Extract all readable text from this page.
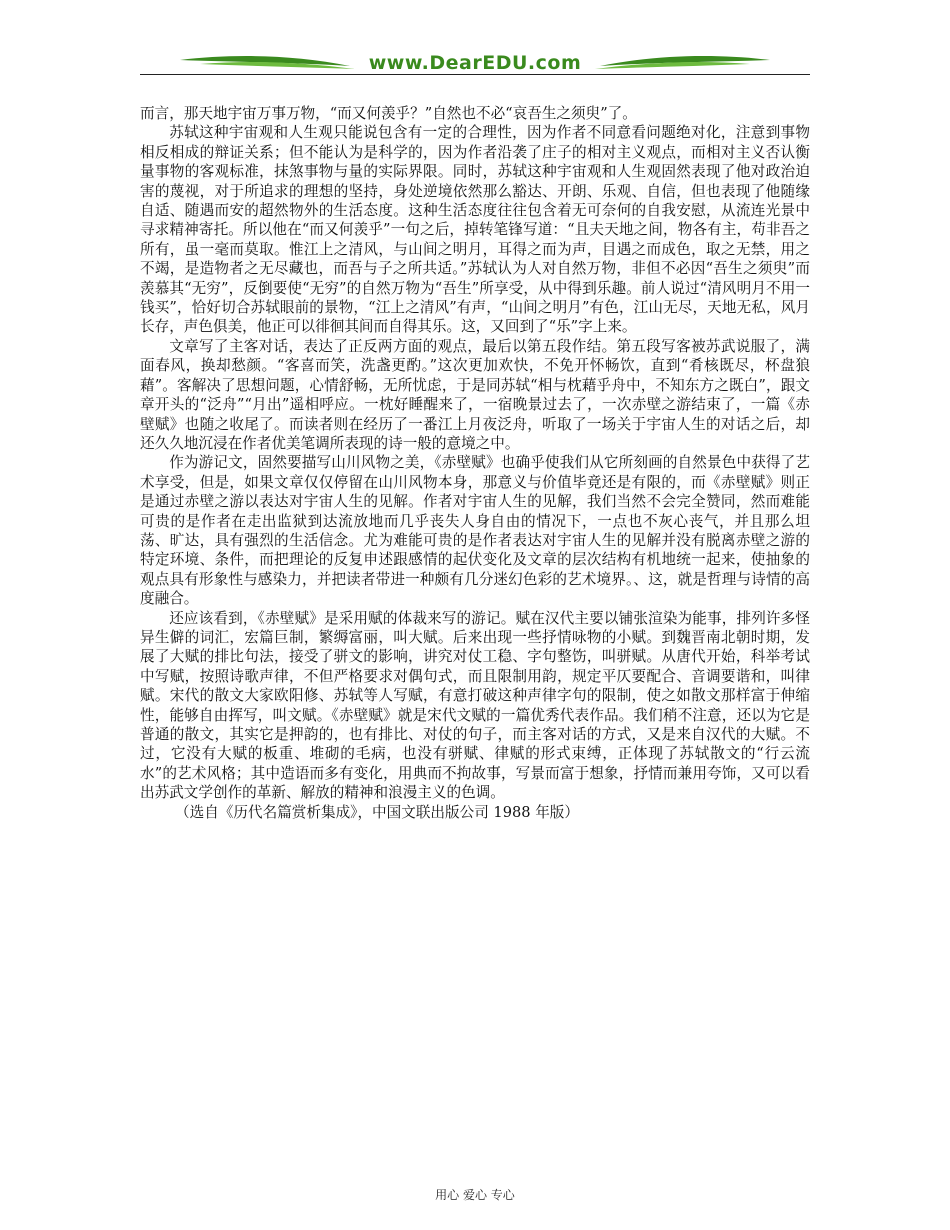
www.DearEDU.com

而言，那天地宇宙万事万物，“而又何羡乎？”自然也不必“哀吾生之须臾”了。

苏轼这种宇宙观和人生观只能说包含有一定的合理性，因为作者不同意看问题绝对化，注意到事物相反相成的辩证关系；但不能认为是科学的，因为作者沿袭了庄子的相对主义观点，而相对主义否认衡量事物的客观标准，抹煞事物与量的实际界限。同时，苏轼这种宇宙观和人生观固然表现了他对政治迫害的蔑视，对于所追求的理想的坚持，身处逆境依然那么豁达、开朗、乐观、自信，但也表现了他随缘自适、随遇而安的超然物外的生活态度。这种生活态度往往包含着无可奈何的自我安慰，从流连光景中寻求精神寄托。所以他在“而又何羡乎”一句之后，掉转笔锋写道：“且夫天地之间，物各有主，苟非吾之所有，虽一毫而莫取。惟江上之清风，与山间之明月，耳得之而为声，目遇之而成色，取之无禁，用之不竭，是造物者之无尽藏也，而吾与子之所共适。”苏轼认为人对自然万物，非但不必因“吾生之须臾”而羡慕其“无穷”，反倒要使“无穷”的自然万物为“吾生”所享受，从中得到乐趣。前人说过“清风明月不用一钱买”，恰好切合苏轼眼前的景物，“江上之清风”有声，“山间之明月”有色，江山无尽，天地无私，风月长存，声色俱美，他正可以徘徊其间而自得其乐。这，又回到了“乐”字上来。

文章写了主客对话，表达了正反两方面的观点，最后以第五段作结。第五段写客被苏武说服了，满面春风，换却愁颜。“客喜而笑，洗盏更酌。”这次更加欢快，不免开怀畅饮，直到“肴核既尽，杯盘狼藉”。客解决了思想问题，心情舒畅，无所忧虑，于是同苏轼“相与枕藉乎舟中，不知东方之既白”，跟文章开头的“泛舟”“月出”遥相呼应。一枕好睡醒来了，一宿晚景过去了，一次赤壁之游结束了，一篇《赤壁赋》也随之收尾了。而读者则在经历了一番江上月夜泛舟，听取了一场关于宇宙人生的对话之后，却还久久地沉浸在作者优美笔调所表现的诗一般的意境之中。

作为游记文，固然要描写山川风物之美，《赤壁赋》也确乎使我们从它所刻画的自然景色中获得了艺术享受，但是，如果文章仅仅停留在山川风物本身，那意义与价值毕竟还是有限的，而《赤壁赋》则正是通过赤壁之游以表达对宇宙人生的见解。作者对宇宙人生的见解，我们当然不会完全赞同，然而难能可贵的是作者在走出监狱到达流放地而几乎丧失人身自由的情况下，一点也不灰心丧气，并且那么坦荡、旷达，具有强烈的生活信念。尤为难能可贵的是作者表达对宇宙人生的见解并没有脱离赤壁之游的特定环境、条件，而把理论的反复申述跟感情的起伏变化及文章的层次结构有机地统一起来，使抽象的观点具有形象性与感染力，并把读者带进一种颇有几分迷幻色彩的艺术境界。、这，就是哲理与诗情的高度融合。

还应该看到，《赤壁赋》是采用赋的体裁来写的游记。赋在汉代主要以铺张渲染为能事，排列许多怪异生僻的词汇，宏篇巨制，繁缛富丽，叫大赋。后来出现一些抒情咏物的小赋。到魏晋南北朝时期，发展了大赋的排比句法，接受了骈文的影响，讲究对仗工稳、字句整饬，叫骈赋。从唐代开始，科举考试中写赋，按照诗歌声律，不但严格要求对偶句式，而且限制用韵，规定平仄要配合、音调要谐和，叫律赋。宋代的散文大家欧阳修、苏轼等人写赋，有意打破这种声律字句的限制，使之如散文那样富于伸缩性，能够自由挥写，叫文赋。《赤壁赋》就是宋代文赋的一篇优秀代表作品。我们稍不注意，还以为它是普通的散文，其实它是押韵的，也有排比、对仗的句子，而主客对话的方式，又是来自汉代的大赋。不过，它没有大赋的板重、堆砌的毛病，也没有骈赋、律赋的形式束缚，正体现了苏轼散文的“行云流水”的艺术风格；其中造语而多有变化，用典而不拘故事，写景而富于想象，抒情而兼用夸饰，又可以看出苏武文学创作的革新、解放的精神和浪漫主义的色调。

（选自《历代名篇赏析集成》，中国文联出版公司 1988 年版）

用心 爱心 专心
